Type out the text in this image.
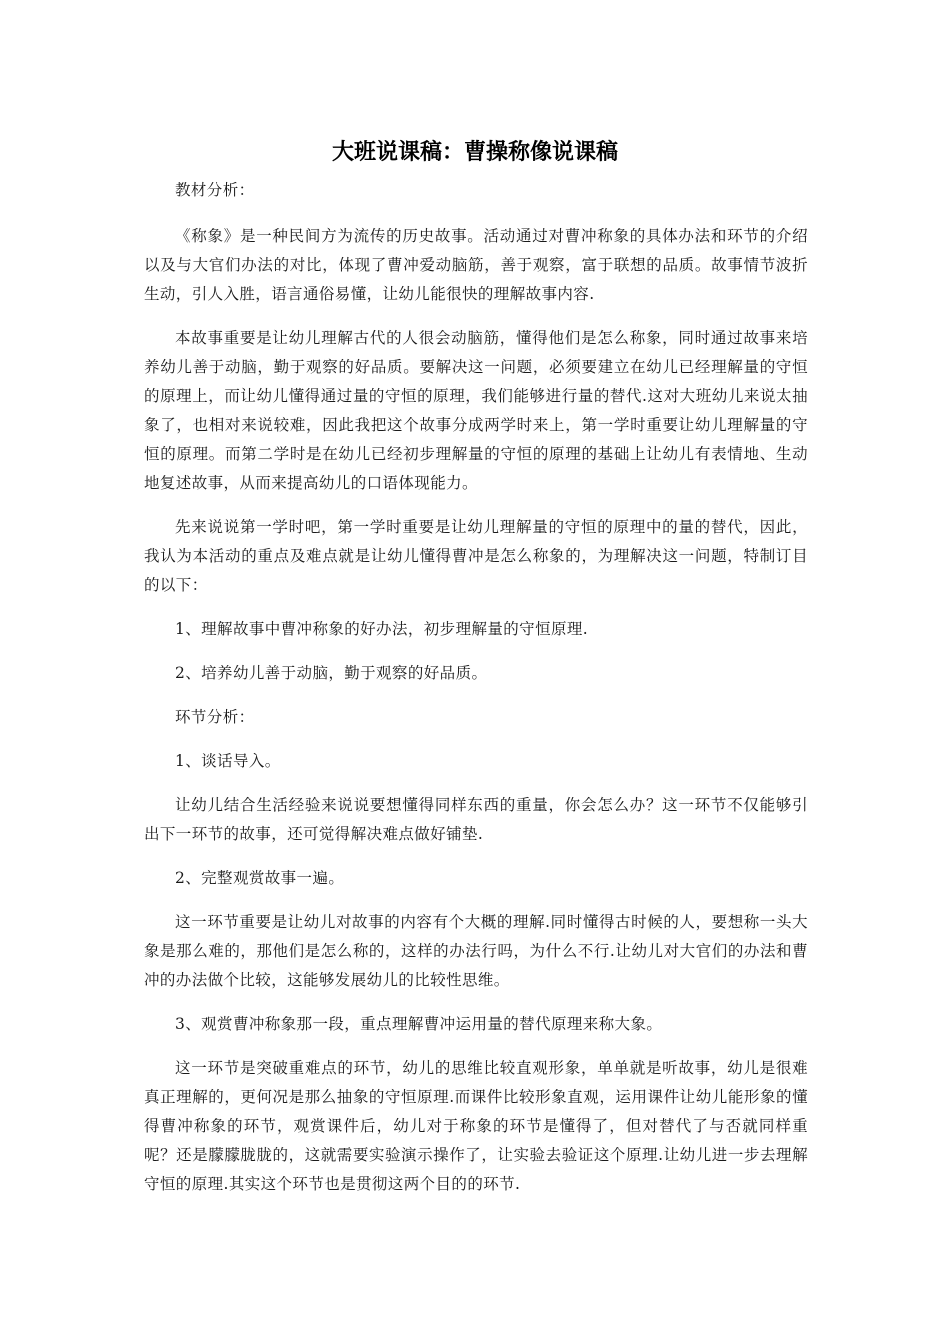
大班说课稿：曹操称像说课稿

教材分析：

《称象》是一种民间方为流传的历史故事。活动通过对曹冲称象的具体办法和环节的介绍以及与大官们办法的对比，体现了曹冲爱动脑筋，善于观察，富于联想的品质。故事情节波折生动，引人入胜，语言通俗易懂，让幼儿能很快的理解故事内容.

本故事重要是让幼儿理解古代的人很会动脑筋，懂得他们是怎么称象，同时通过故事来培养幼儿善于动脑，勤于观察的好品质。要解决这一问题，必须要建立在幼儿已经理解量的守恒的原理上，而让幼儿懂得通过量的守恒的原理，我们能够进行量的替代.这对大班幼儿来说太抽象了，也相对来说较难，因此我把这个故事分成两学时来上，第一学时重要让幼儿理解量的守恒的原理。而第二学时是在幼儿已经初步理解量的守恒的原理的基础上让幼儿有表情地、生动地复述故事，从而来提高幼儿的口语体现能力。

先来说说第一学时吧，第一学时重要是让幼儿理解量的守恒的原理中的量的替代，因此，我认为本活动的重点及难点就是让幼儿懂得曹冲是怎么称象的，为理解决这一问题，特制订目的以下：

1、理解故事中曹冲称象的好办法，初步理解量的守恒原理.

2、培养幼儿善于动脑，勤于观察的好品质。

环节分析：

1、谈话导入。

让幼儿结合生活经验来说说要想懂得同样东西的重量，你会怎么办？这一环节不仅能够引出下一环节的故事，还可觉得解决难点做好铺垫.

2、完整观赏故事一遍。

这一环节重要是让幼儿对故事的内容有个大概的理解.同时懂得古时候的人，要想称一头大象是那么难的，那他们是怎么称的，这样的办法行吗，为什么不行.让幼儿对大官们的办法和曹冲的办法做个比较，这能够发展幼儿的比较性思维。

3、观赏曹冲称象那一段，重点理解曹冲运用量的替代原理来称大象。

这一环节是突破重难点的环节，幼儿的思维比较直观形象，单单就是听故事，幼儿是很难真正理解的，更何况是那么抽象的守恒原理.而课件比较形象直观，运用课件让幼儿能形象的懂得曹冲称象的环节，观赏课件后，幼儿对于称象的环节是懂得了，但对替代了与否就同样重呢？还是朦朦胧胧的，这就需要实验演示操作了，让实验去验证这个原理.让幼儿进一步去理解守恒的原理.其实这个环节也是贯彻这两个目的的环节.
